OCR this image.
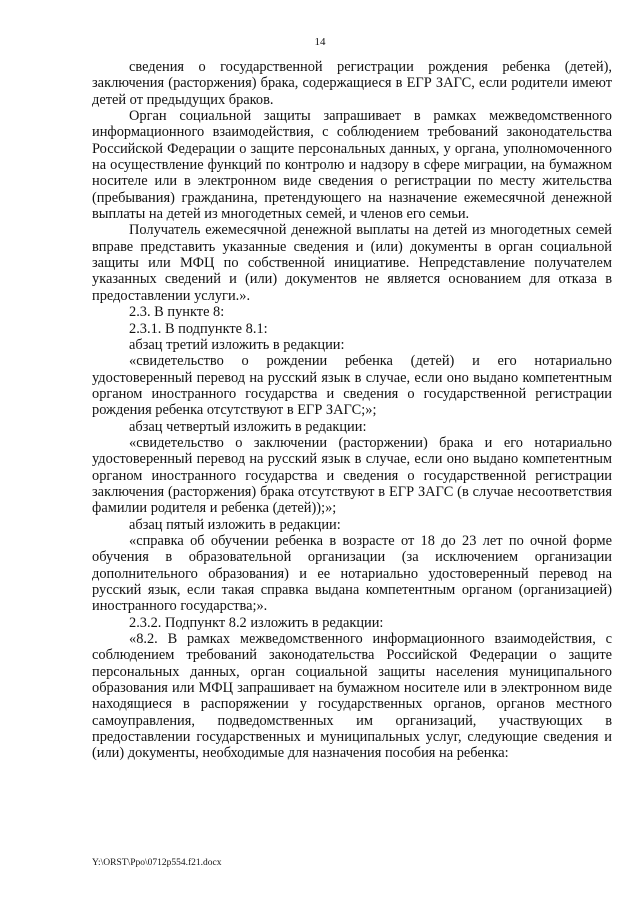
14

сведения о государственной регистрации рождения ребенка (детей), заключения (расторжения) брака, содержащиеся в ЕГР ЗАГС, если родители имеют детей от предыдущих браков.

Орган социальной защиты запрашивает в рамках межведомственного информационного взаимодействия, с соблюдением требований законодательства Российской Федерации о защите персональных данных, у органа, уполномоченного на осуществление функций по контролю и надзору в сфере миграции, на бумажном носителе или в электронном виде сведения о регистрации по месту жительства (пребывания) гражданина, претендующего на назначение ежемесячной денежной выплаты на детей из многодетных семей, и членов его семьи.

Получатель ежемесячной денежной выплаты на детей из многодетных семей вправе представить указанные сведения и (или) документы в орган социальной защиты или МФЦ по собственной инициативе. Непредставление получателем указанных сведений и (или) документов не является основанием для отказа в предоставлении услуги.».

2.3. В пункте 8:

2.3.1. В подпункте 8.1:

абзац третий изложить в редакции:

«свидетельство о рождении ребенка (детей) и его нотариально удостоверенный перевод на русский язык в случае, если оно выдано компетентным органом иностранного государства и сведения о государственной регистрации рождения ребенка отсутствуют в ЕГР ЗАГС;»;

абзац четвертый изложить в редакции:

«свидетельство о заключении (расторжении) брака и его нотариально удостоверенный перевод на русский язык в случае, если оно выдано компетентным органом иностранного государства и сведения о государственной регистрации заключения (расторжения) брака отсутствуют в ЕГР ЗАГС (в случае несоответствия фамилии родителя и ребенка (детей));»;

абзац пятый изложить в редакции:

«справка об обучении ребенка в возрасте от 18 до 23 лет по очной форме обучения в образовательной организации (за исключением организации дополнительного образования) и ее нотариально удостоверенный перевод на русский язык, если такая справка выдана компетентным органом (организацией) иностранного государства;».

2.3.2. Подпункт 8.2 изложить в редакции:

«8.2. В рамках межведомственного информационного взаимодействия, с соблюдением требований законодательства Российской Федерации о защите персональных данных, орган социальной защиты населения муниципального образования или МФЦ запрашивает на бумажном носителе или в электронном виде находящиеся в распоряжении у государственных органов, органов местного самоуправления, подведомственных им организаций, участвующих в предоставлении государственных и муниципальных услуг, следующие сведения и (или) документы, необходимые для назначения пособия на ребенка:

Y:\ORST\Ppo\0712p554.f21.docx
